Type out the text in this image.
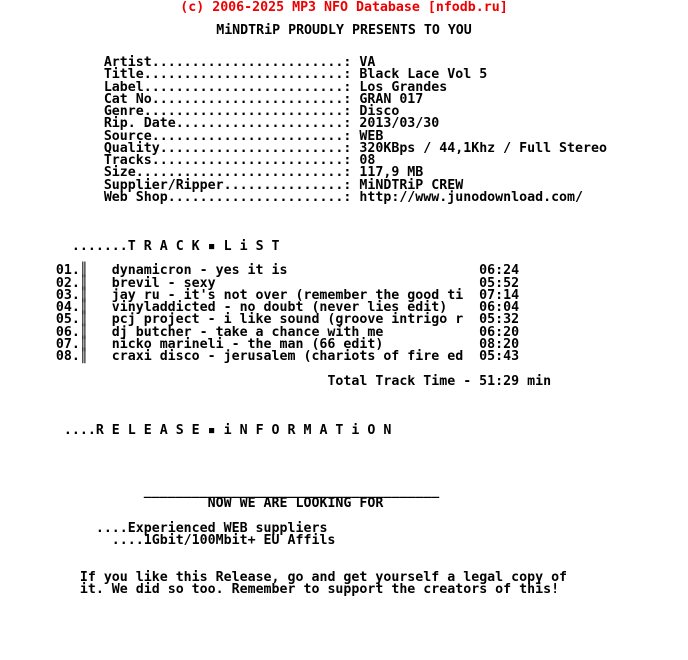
(c) 2006-2025 MP3 NFO Database [nfodb.ru]
MiNDTRiP PROUDLY PRESENTS TO YOU
Artist........................: VA
Title.........................: Black Lace Vol 5
Label.........................: Los Grandes
Cat No........................: GRAN 017
Genre.........................: Disco
Rip. Date.....................: 2013/03/30
Source........................: WEB
Quality.......................: 320KBps / 44,1Khz / Full Stereo
Tracks........................: 08
Size..........................: 117,9 MB
Supplier/Ripper...............: MiNDTRiP CREW
Web Shop......................: http://www.junodownload.com/
.......T R A C K ▪ L i S T
01.║ dynamicron - yes it is	06:24
02.║ brevil - sexy	05:52
03.║ jay ru - it's not over (remember the good ti 07:14
04.║ vinyladdicted - no doubt (never lies edit) 06:04
05.║ pcj project - i like sound (groove intrigo r 05:32
06.║ dj butcher - take a chance with me	06:20
07.║ nicko marineli - the man (66 edit)	08:20
08.║ craxi disco - jerusalem (chariots of fire ed 05:43
Total Track Time - 51:29 min
....R E L E A S E ▪ i N F O R M A T i O N
_____________________________________
NOW WE ARE LOOKING FOR
....Experienced WEB suppliers
....1Gbit/100Mbit+ EU Affils
If you like this Release, go and get yourself a legal copy of
it. We did so too. Remember to support the creators of this!
